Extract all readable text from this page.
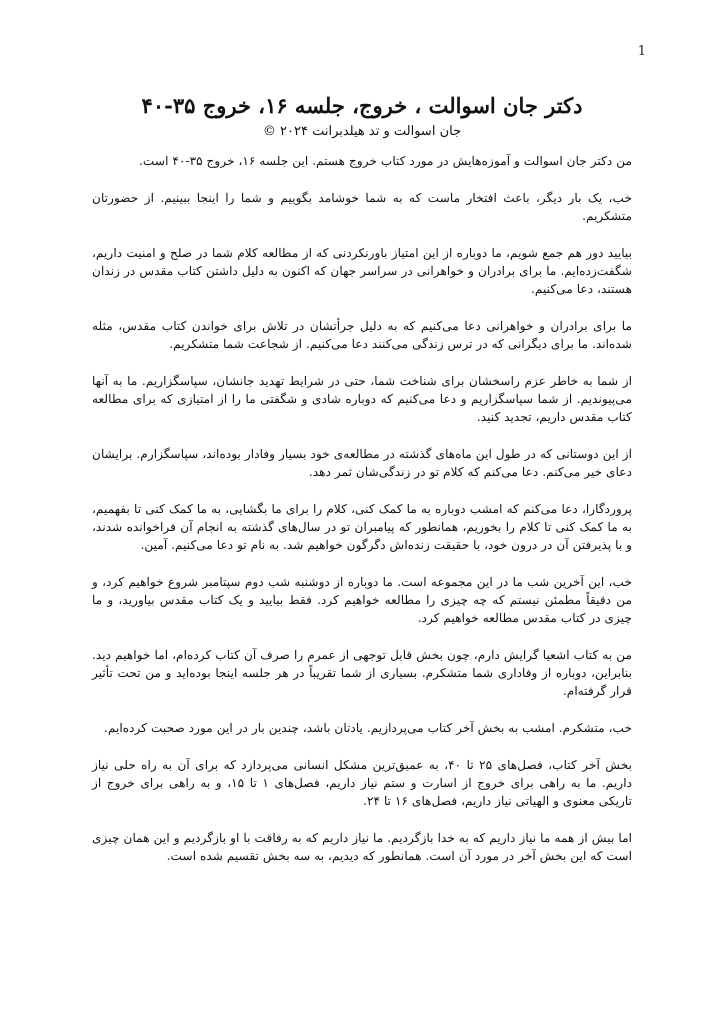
1
دکتر جان اسوالت ، خروج، جلسه ۱۶، خروج ۳۵-۴۰
جان اسوالت و تد هیلدبرانت ۲۰۲۴ ©

من دکتر جان اسوالت و آموزه‌هایش در مورد کتاب خروج هستم. این جلسه ۱۶، خروج ۳۵-۴۰ است.

خب، یک بار دیگر، باعث افتخار ماست که به شما خوشامد بگوییم و شما را اینجا ببینیم. از حضورتان متشکریم.

بیایید دور هم جمع شویم، ما دوباره از این امتیاز باورنکردنی که از مطالعه کلام شما در صلح و امنیت داریم، شگفت‌زده‌ایم. ما برای برادران و خواهرانی در سراسر جهان که اکنون به دلیل داشتن کتاب مقدس در زندان هستند، دعا می‌کنیم.

ما برای برادران و خواهرانی دعا می‌کنیم که به دلیل جرأتشان در تلاش برای خواندن کتاب مقدس، مثله شده‌اند. ما برای دیگرانی که در ترس زندگی می‌کنند دعا می‌کنیم. از شجاعت شما متشکریم.

از شما به خاطر عزم راسخشان برای شناخت شما، حتی در شرایط تهدید جانشان، سپاسگزاریم. ما به آنها می‌پیوندیم. از شما سپاسگزاریم و دعا می‌کنیم که دوباره شادی و شگفتی ما را از امتیازی که برای مطالعه کتاب مقدس داریم، تجدید کنید.

از این دوستانی که در طول این ماه‌های گذشته در مطالعه‌ی خود بسیار وفادار بوده‌اند، سپاسگزارم. برایشان دعای خیر می‌کنم. دعا می‌کنم که کلام تو در زندگی‌شان ثمر دهد.

پروردگارا، دعا می‌کنم که امشب دوباره به ما کمک کنی، کلام را برای ما بگشایی، به ما کمک کنی تا بفهمیم، به ما کمک کنی تا کلام را بخوریم، همانطور که پیامبران تو در سال‌های گذشته به انجام آن فراخوانده شدند، و با پذیرفتن آن در درون خود، با حقیقت زنده‌اش دگرگون خواهیم شد. به نام تو دعا می‌کنیم. آمین.

خب، این آخرین شب ما در این مجموعه است. ما دوباره از دوشنبه شب دوم سپتامبر شروع خواهیم کرد، و من دقیقاً مطمئن نیستم که چه چیزی را مطالعه خواهیم کرد. فقط بیایید و یک کتاب مقدس بیاورید، و ما چیزی در کتاب مقدس مطالعه خواهیم کرد.

من به کتاب اشعیا گرایش دارم، چون بخش قابل توجهی از عمرم را صرف آن کتاب کرده‌ام، اما خواهیم دید. بنابراین، دوباره از وفاداری شما متشکرم. بسیاری از شما تقریباً در هر جلسه اینجا بوده‌اید و من تحت تأثیر قرار گرفته‌ام.

خب، متشکرم. امشب به بخش آخر کتاب می‌پردازیم. یادتان باشد، چندین بار در این مورد صحبت کرده‌ایم.

بخش آخر کتاب، فصل‌های ۲۵ تا ۴۰، به عمیق‌ترین مشکل انسانی می‌پردازد که برای آن به راه حلی نیاز داریم. ما به راهی برای خروج از اسارت و ستم نیاز داریم، فصل‌های ۱ تا ۱۵، و به راهی برای خروج از تاریکی معنوی و الهیاتی نیاز داریم، فصل‌های ۱۶ تا ۲۴.

اما بیش از همه ما نیاز داریم که به خدا بازگردیم. ما نیاز داریم که به رفاقت با او بازگردیم و این همان چیزی است که این بخش آخر در مورد آن است. همانطور که دیدیم، به سه بخش تقسیم شده است.
